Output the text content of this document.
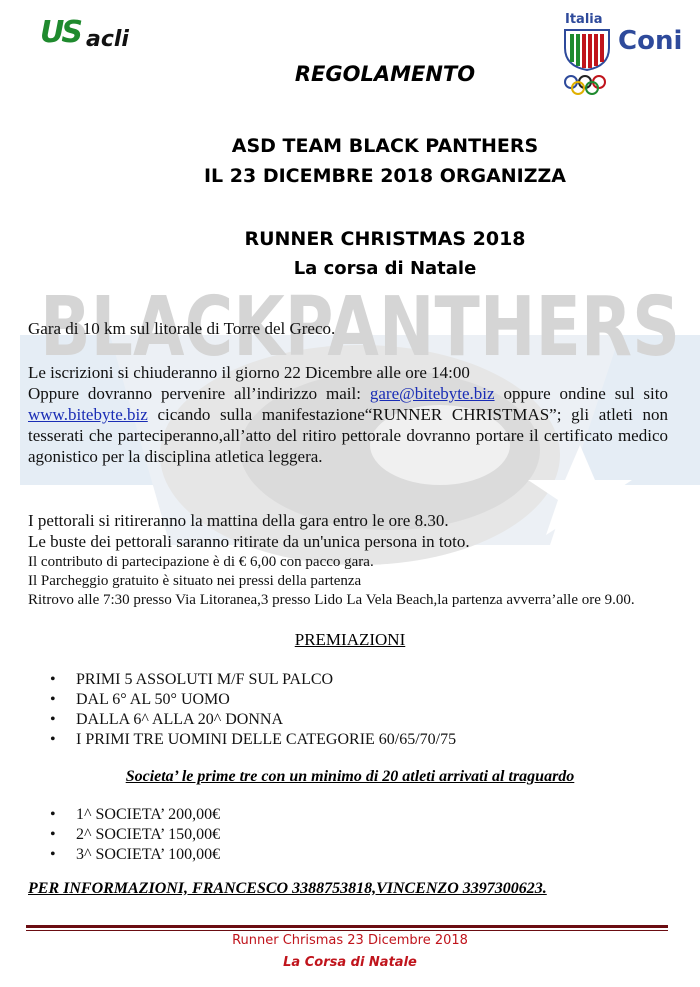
BLACKPANTHERS
US acli
Italia
Coni
REGOLAMENTO
ASD TEAM BLACK PANTHERS
IL 23 DICEMBRE 2018 ORGANIZZA
RUNNER CHRISTMAS 2018
La corsa di Natale
Gara di 10 km sul litorale di Torre del Greco.
Le iscrizioni si chiuderanno il giorno 22 Dicembre alle ore 14:00
Oppure dovranno pervenire all’indirizzo mail: gare@bitebyte.biz oppure ondine sul sito www.bitebyte.biz cicando sulla manifestazione“RUNNER CHRISTMAS”; gli atleti non tesserati che parteciperanno,all’atto del ritiro pettorale dovranno portare il certificato medico agonistico per la disciplina atletica leggera.
I pettorali si ritireranno la mattina della gara entro le ore 8.30.
Le buste dei pettorali saranno ritirate da un'unica persona in toto.
Il contributo di partecipazione è di € 6,00 con pacco gara.
Il Parcheggio gratuito è situato nei pressi della partenza
Ritrovo alle 7:30 presso Via Litoranea,3 presso Lido La Vela Beach,la partenza avverra’alle ore 9.00.
PREMIAZIONI
• PRIMI 5 ASSOLUTI M/F SUL PALCO
• DAL 6° AL 50° UOMO
• DALLA 6^ ALLA 20^ DONNA
• I PRIMI TRE UOMINI DELLE CATEGORIE 60/65/70/75
Societa’ le prime tre con un minimo di 20 atleti arrivati al traguardo
• 1^ SOCIETA’ 200,00€
• 2^ SOCIETA’ 150,00€
• 3^ SOCIETA’ 100,00€
PER INFORMAZIONI, FRANCESCO 3388753818,VINCENZO 3397300623.
Runner Chrismas 23 Dicembre 2018
La Corsa di Natale
